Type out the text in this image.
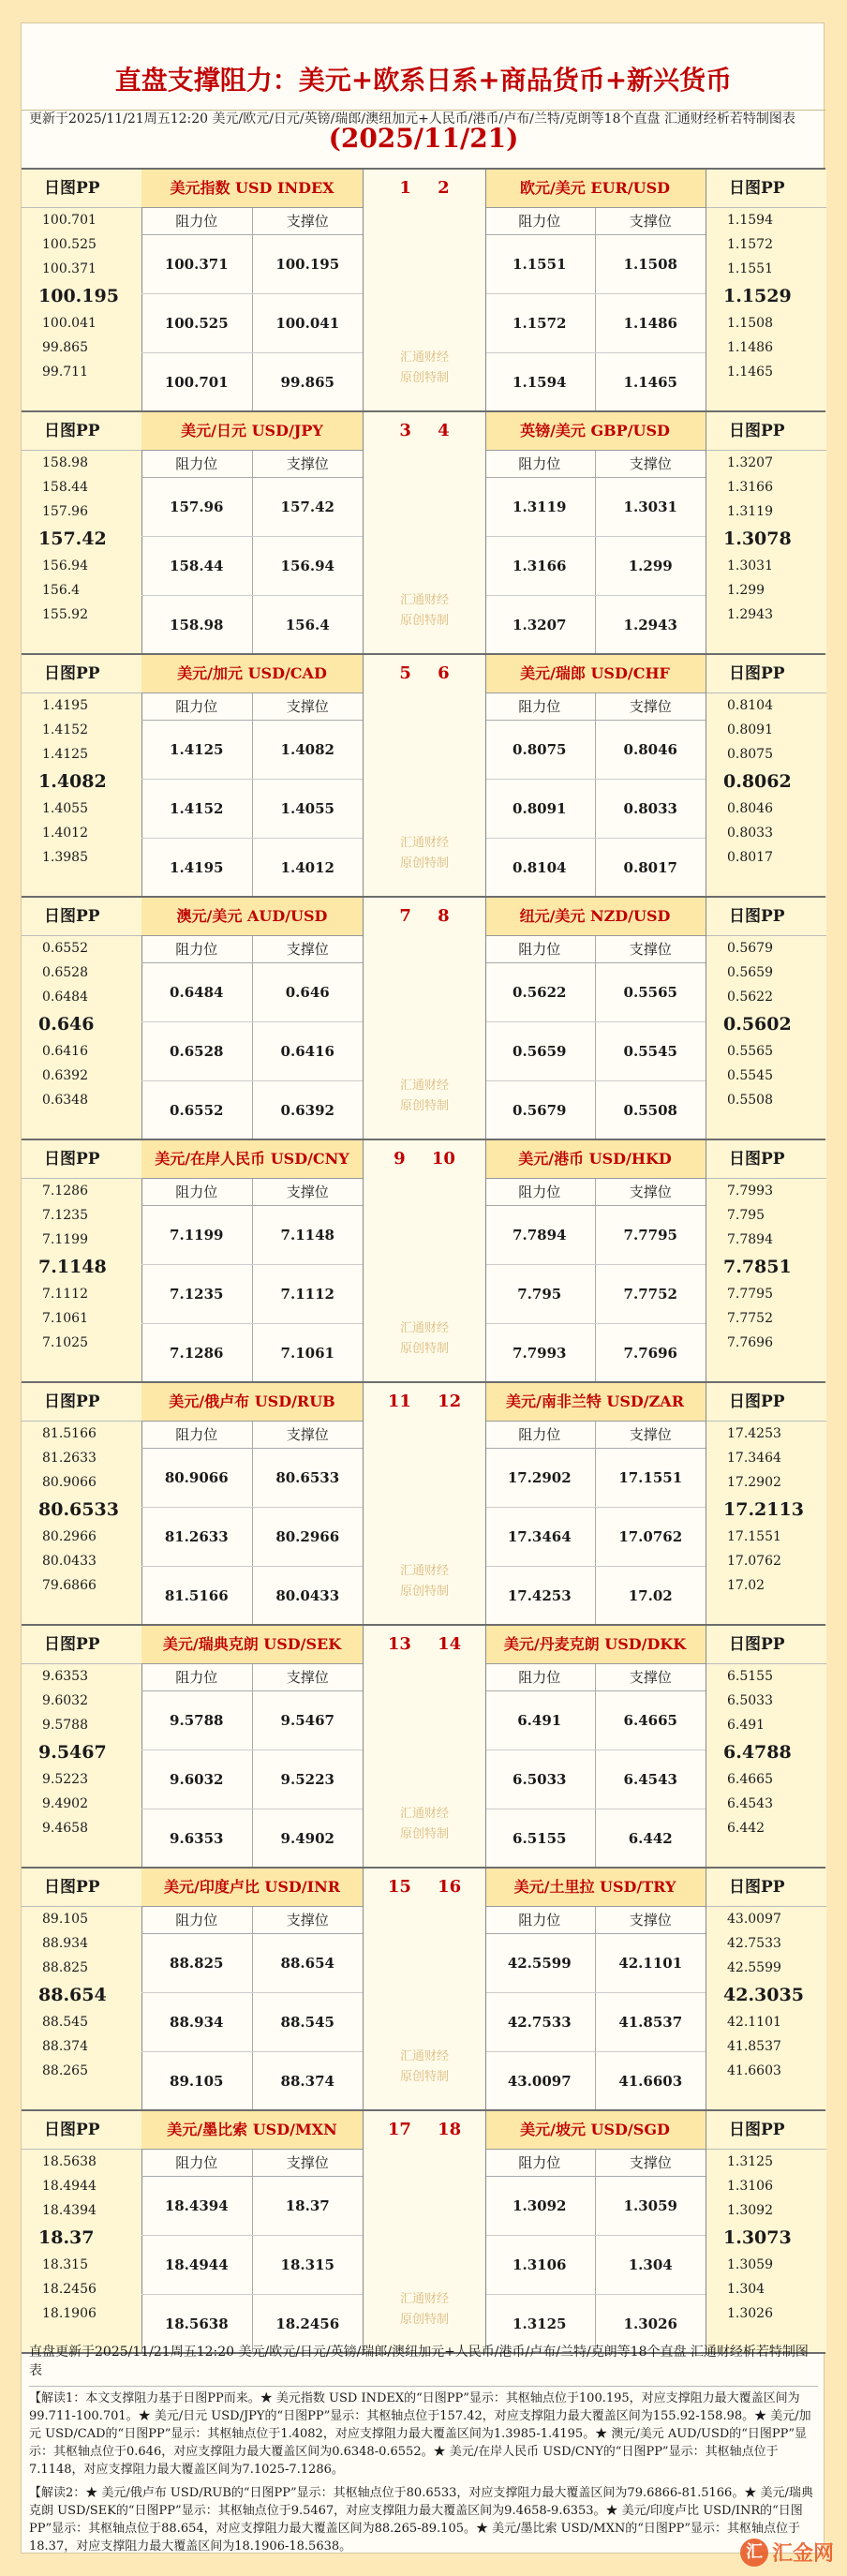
直盘支撑阻力：美元+欧系日系+商品货币+新兴货币(2025/11/21)
更新于2025/11/21周五12:20 美元/欧元/日元/英镑/瑞郎/澳纽加元+人民币/港币/卢布/兰特/克朗等18个直盘 汇通财经析若特制图表
日图PP
100.701
100.525
100.371
100.195
100.041
99.865
99.711
美元指数 USD INDEX
阻力位	支撑位
100.371	100.195
100.525	100.041
100.701	99.865
日图PP
1.1594
1.1572
1.1551
1.1529
1.1508
1.1486
1.1465
欧元/美元 EUR/USD
阻力位	支撑位
1.1551	1.1508
1.1572	1.1486
1.1594	1.1465
1 2
汇通财经
原创特制
日图PP
158.98
158.44
157.96
157.42
156.94
156.4
155.92
美元/日元 USD/JPY
阻力位	支撑位
157.96	157.42
158.44	156.94
158.98	156.4
日图PP
1.3207
1.3166
1.3119
1.3078
1.3031
1.299
1.2943
英镑/美元 GBP/USD
阻力位	支撑位
1.3119	1.3031
1.3166	1.299
1.3207	1.2943
3 4
汇通财经
原创特制
日图PP
1.4195
1.4152
1.4125
1.4082
1.4055
1.4012
1.3985
美元/加元 USD/CAD
阻力位	支撑位
1.4125	1.4082
1.4152	1.4055
1.4195	1.4012
日图PP
0.8104
0.8091
0.8075
0.8062
0.8046
0.8033
0.8017
美元/瑞郎 USD/CHF
阻力位	支撑位
0.8075	0.8046
0.8091	0.8033
0.8104	0.8017
5 6
汇通财经
原创特制
日图PP
0.6552
0.6528
0.6484
0.646
0.6416
0.6392
0.6348
澳元/美元 AUD/USD
阻力位	支撑位
0.6484	0.646
0.6528	0.6416
0.6552	0.6392
日图PP
0.5679
0.5659
0.5622
0.5602
0.5565
0.5545
0.5508
纽元/美元 NZD/USD
阻力位	支撑位
0.5622	0.5565
0.5659	0.5545
0.5679	0.5508
7 8
汇通财经
原创特制
日图PP
7.1286
7.1235
7.1199
7.1148
7.1112
7.1061
7.1025
美元/在岸人民币 USD/CNY
阻力位	支撑位
7.1199	7.1148
7.1235	7.1112
7.1286	7.1061
日图PP
7.7993
7.795
7.7894
7.7851
7.7795
7.7752
7.7696
美元/港币 USD/HKD
阻力位	支撑位
7.7894	7.7795
7.795	7.7752
7.7993	7.7696
9 10
汇通财经
原创特制
日图PP
81.5166
81.2633
80.9066
80.6533
80.2966
80.0433
79.6866
美元/俄卢布 USD/RUB
阻力位	支撑位
80.9066	80.6533
81.2633	80.2966
81.5166	80.0433
日图PP
17.4253
17.3464
17.2902
17.2113
17.1551
17.0762
17.02
美元/南非兰特 USD/ZAR
阻力位	支撑位
17.2902	17.1551
17.3464	17.0762
17.4253	17.02
11 12
汇通财经
原创特制
日图PP
9.6353
9.6032
9.5788
9.5467
9.5223
9.4902
9.4658
美元/瑞典克朗 USD/SEK
阻力位	支撑位
9.5788	9.5467
9.6032	9.5223
9.6353	9.4902
日图PP
6.5155
6.5033
6.491
6.4788
6.4665
6.4543
6.442
美元/丹麦克朗 USD/DKK
阻力位	支撑位
6.491	6.4665
6.5033	6.4543
6.5155	6.442
13 14
汇通财经
原创特制
日图PP
89.105
88.934
88.825
88.654
88.545
88.374
88.265
美元/印度卢比 USD/INR
阻力位	支撑位
88.825	88.654
88.934	88.545
89.105	88.374
日图PP
43.0097
42.7533
42.5599
42.3035
42.1101
41.8537
41.6603
美元/土里拉 USD/TRY
阻力位	支撑位
42.5599	42.1101
42.7533	41.8537
43.0097	41.6603
15 16
汇通财经
原创特制
日图PP
18.5638
18.4944
18.4394
18.37
18.315
18.2456
18.1906
美元/墨比索 USD/MXN
阻力位	支撑位
18.4394	18.37
18.4944	18.315
18.5638	18.2456
日图PP
1.3125
1.3106
1.3092
1.3073
1.3059
1.304
1.3026
美元/坡元 USD/SGD
阻力位	支撑位
1.3092	1.3059
1.3106	1.304
1.3125	1.3026
17 18
汇通财经
原创特制
直盘更新于2025/11/21周五12:20 美元/欧元/日元/英镑/瑞郎/澳纽加元+人民币/港币/卢布/兰特/克朗等18个直盘 汇通财经析若特制图表

【解读1：本文支撑阻力基于日图PP而来。★ 美元指数 USD INDEX的“日图PP”显示：其枢轴点位于100.195，对应支撑阻力最大覆盖区间为99.711-100.701。★ 美元/日元 USD/JPY的“日图PP”显示：其枢轴点位于157.42，对应支撑阻力最大覆盖区间为155.92-158.98。★ 美元/加元 USD/CAD的“日图PP”显示：其枢轴点位于1.4082，对应支撑阻力最大覆盖区间为1.3985-1.4195。★ 澳元/美元 AUD/USD的“日图PP”显示：其枢轴点位于0.646，对应支撑阻力最大覆盖区间为0.6348-0.6552。★ 美元/在岸人民币 USD/CNY的“日图PP”显示：其枢轴点位于7.1148，对应支撑阻力最大覆盖区间为7.1025-7.1286。

【解读2：★ 美元/俄卢布 USD/RUB的“日图PP”显示：其枢轴点位于80.6533，对应支撑阻力最大覆盖区间为79.6866-81.5166。★ 美元/瑞典克朗 USD/SEK的“日图PP”显示：其枢轴点位于9.5467，对应支撑阻力最大覆盖区间为9.4658-9.6353。★ 美元/印度卢比 USD/INR的“日图PP”显示：其枢轴点位于88.654，对应支撑阻力最大覆盖区间为88.265-89.105。★ 美元/墨比索 USD/MXN的“日图PP”显示：其枢轴点位于18.37，对应支撑阻力最大覆盖区间为18.1906-18.5638。	汇 汇金网
